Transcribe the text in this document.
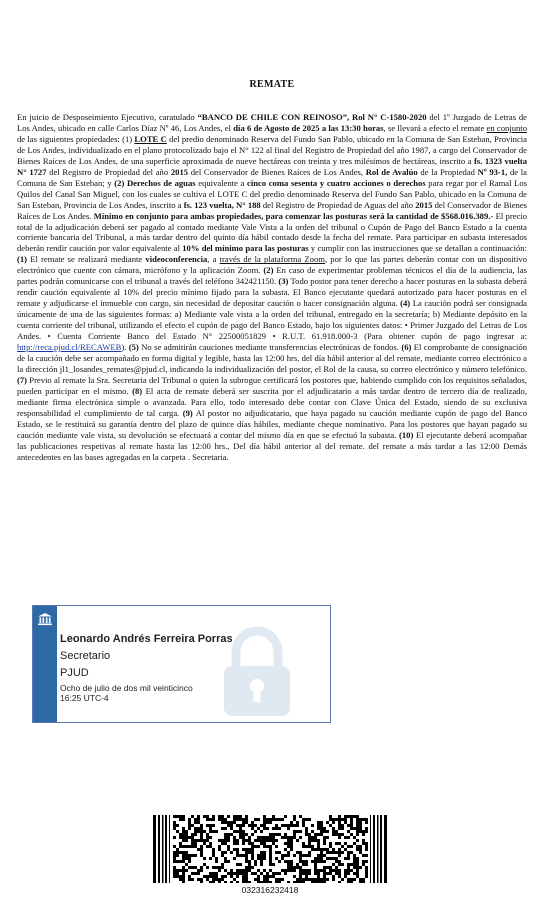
REMATE
En juicio de Desposeimiento Ejecutivo, caratulado “BANCO DE CHILE CON REINOSO”, Rol N° C-1580-2020 del 1º Juzgado de Letras de Los Andes, ubicado en calle Carlos Díaz Nº 46, Los Andes, el día 6 de Agosto de 2025 a las 13:30 horas, se llevará a efecto el remate en conjunto de las siguientes propiedades: (1) LOTE C del predio denominado Reserva del Fundo San Pablo, ubicado en la Comuna de San Esteban, Provincia de Los Andes, individualizado en el plano protocolizado bajo el N° 122 al final del Registro de Propiedad del año 1987, a cargo del Conservador de Bienes Raíces de Los Andes, de una superficie aproximada de nueve hectáreas con treinta y tres milésimos de hectáreas, inscrito a fs. 1323 vuelta N° 1727 del Registro de Propiedad del año 2015 del Conservador de Bienes Raíces de Los Andes, Rol de Avalúo de la Propiedad Nº 93-1, de la Comuna de San Esteban; y (2) Derechos de aguas equivalente a cinco coma sesenta y cuatro acciones o derechos para regar por el Ramal Los Quilos del Canal San Miguel, con los cuales se cultiva el LOTE C del predio denominado Reserva del Fundo San Pablo, ubicado en la Comuna de San Esteban, Provincia de Los Andes, inscrito a fs. 123 vuelta, N° 188 del Registro de Propiedad de Aguas del año 2015 del Conservador de Bienes Raíces de Los Andes. Mínimo en conjunto para ambas propiedades, para comenzar las posturas será la cantidad de $568.016.389.- El precio total de la adjudicación deberá ser pagado al contado mediante Vale Vista a la orden del tribunal o Cupón de Pago del Banco Estado a la cuenta corriente bancaria del Tribunal, a más tardar dentro del quinto día hábil contado desde la fecha del remate. Para participar en subasta interesados deberán rendir caución por valor equivalente al 10% del mínimo para las posturas y cumplir con las instrucciones que se detallan a continuación: (1) El remate se realizará mediante videoconferencia, a través de la plataforma Zoom, por lo que las partes deberán contar con un dispositivo electrónico que cuente con cámara, micrófono y la aplicación Zoom. (2) En caso de experimentar problemas técnicos el día de la audiencia, las partes podrán comunicarse con el tribunal a través del teléfono 342421150. (3) Todo postor para tener derecho a hacer posturas en la subasta deberá rendir caución equivalente al 10% del precio mínimo fijado para la subasta. El Banco ejecutante quedará autorizado para hacer posturas en el remate y adjudicarse el inmueble con cargo, sin necesidad de depositar caución o hacer consignación alguna. (4) La caución podrá ser consignada únicamente de una de las siguientes formas: a) Mediante vale vista a la orden del tribunal, entregado en la secretaría; b) Mediante depósito en la cuenta corriente del tribunal, utilizando el efecto el cupón de pago del Banco Estado, bajo los siguientes datos: • Primer Juzgado del Letras de Los Andes. • Cuenta Corriente Banco del Estado N° 22500051829 • R.U.T. 61.918.000-3 (Para obtener cupón de pago ingresar a: http://reca.pjud.cl/RECAWEB). (5) No se admitirán cauciones mediante transferencias electrónicas de fondos. (6) El comprobante de consignación de la caución debe ser acompañado en forma digital y legible, hasta las 12:00 hrs. del día hábil anterior al del remate, mediante correo electrónico a la dirección jl1_losandes_remates@pjud.cl, indicando la individualización del postor, el Rol de la causa, su correo electrónico y número telefónico. (7) Previo al remate la Sra. Secretaria del Tribunal o quien la subrogue certificará los postores que, habiendo cumplido con los requisitos señalados, pueden participar en el mismo. (8) El acta de remate deberá ser suscrita por el adjudicatario a más tardar dentro de tercero día de realizado, mediante firma electrónica simple o avanzada. Para ello, todo interesado debe contar con Clave Única del Estado, siendo de su exclusiva responsabilidad el cumplimiento de tal carga. (9) Al postor no adjudicatario, que haya pagado su caución mediante cupón de pago del Banco Estado, se le restituirá su garantía dentro del plazo de quince días hábiles, mediante cheque nominativo. Para los postores que hayan pagado su caución mediante vale vista, su devolución se efectuará a contar del mismo día en que se efectuó la subasta. (10) El ejecutante deberá acompañar las publicaciones respetivas al remate hasta las 12:00 hrs., Del día hábil anterior al del remate. del remate a más tardar a las 12:00 Demás antecedentes en las bases agregadas en la carpeta . Secretaria.
Leonardo Andrés Ferreira Porras
Secretario
PJUD
Ocho de julio de dos mil veinticinco
16:25 UTC-4
032316232418
